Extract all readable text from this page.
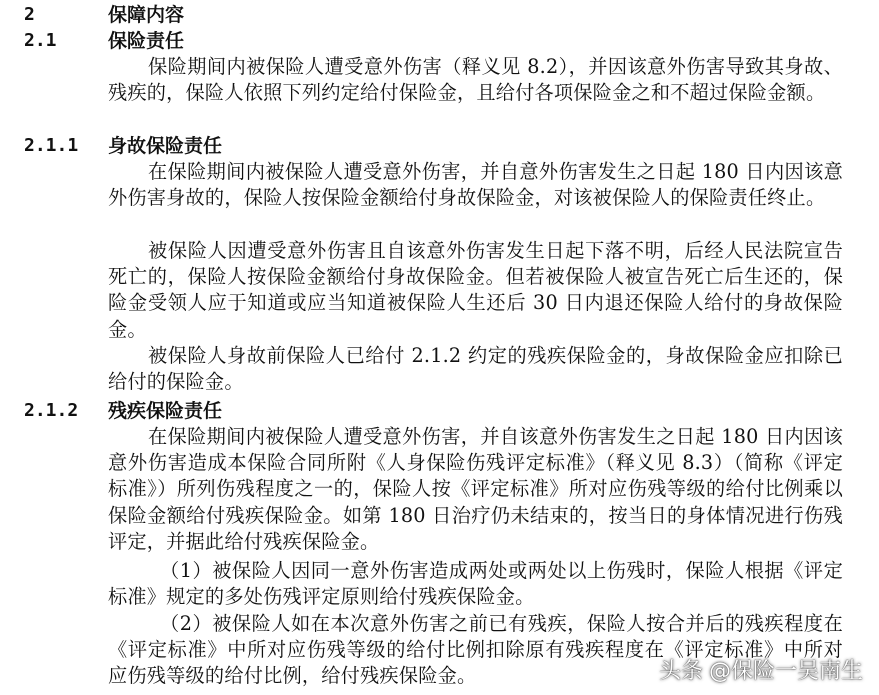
2	保障内容
2.1	保险责任

保险期间内被保险人遭受意外伤害（释义见 8.2），并因该意外伤害导致其身故、残疾的，保险人依照下列约定给付保险金，且给付各项保险金之和不超过保险金额。

2.1.1 身故保险责任

在保险期间内被保险人遭受意外伤害，并自意外伤害发生之日起 180 日内因该意外伤害身故的，保险人按保险金额给付身故保险金，对该被保险人的保险责任终止。

被保险人因遭受意外伤害且自该意外伤害发生日起下落不明，后经人民法院宣告死亡的，保险人按保险金额给付身故保险金。但若被保险人被宣告死亡后生还的，保险金受领人应于知道或应当知道被保险人生还后 30 日内退还保险人给付的身故保险金。

被保险人身故前保险人已给付 2.1.2 约定的残疾保险金的，身故保险金应扣除已给付的保险金。

2.1.2 残疾保险责任

在保险期间内被保险人遭受意外伤害，并自该意外伤害发生之日起 180 日内因该意外伤害造成本保险合同所附《人身保险伤残评定标准》（释义见 8.3）（简称《评定标准》）所列伤残程度之一的，保险人按《评定标准》所对应伤残等级的给付比例乘以保险金额给付残疾保险金。如第 180 日治疗仍未结束的，按当日的身体情况进行伤残评定，并据此给付残疾保险金。

（1）被保险人因同一意外伤害造成两处或两处以上伤残时，保险人根据《评定标准》规定的多处伤残评定原则给付残疾保险金。

（2）被保险人如在本次意外伤害之前已有残疾，保险人按合并后的残疾程度在《评定标准》中所对应伤残等级的给付比例扣除原有残疾程度在《评定标准》中所对应伤残等级的给付比例，给付残疾保险金。	头条 @保险一吴南生
